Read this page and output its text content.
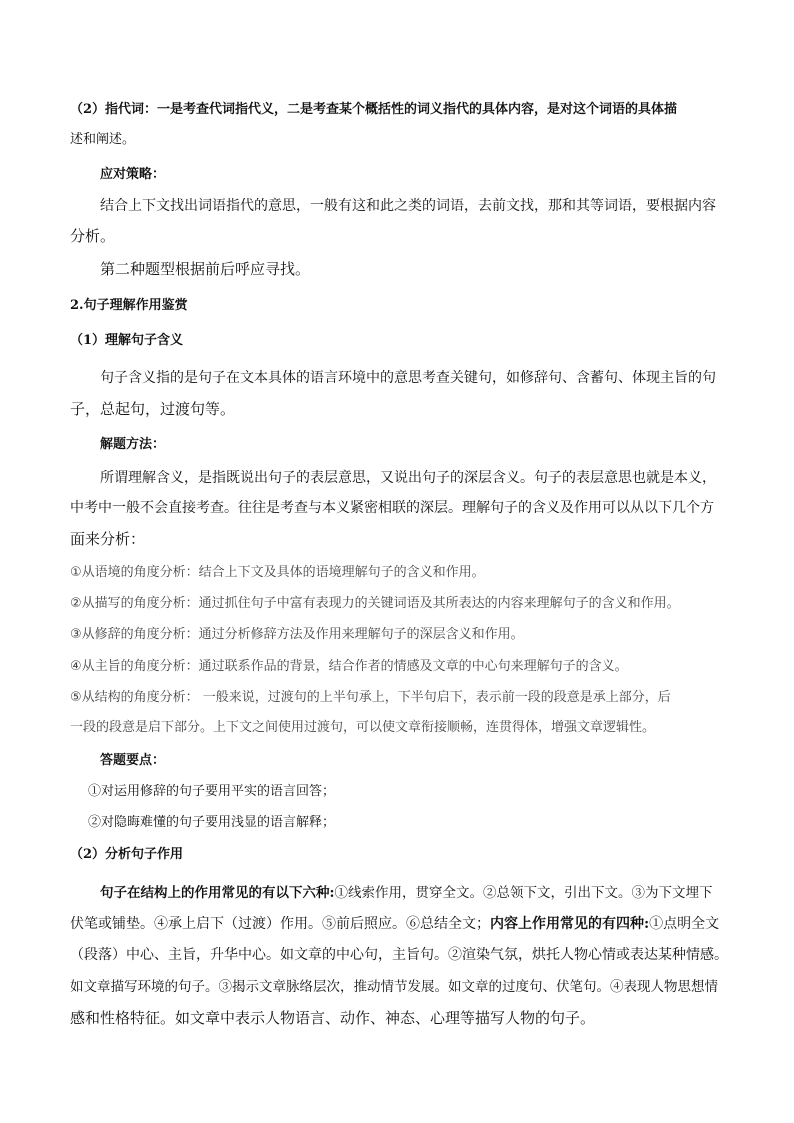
（2）指代词：一是考查代词指代义，二是考查某个概括性的词义指代的具体内容，是对这个词语的具体描
述和阐述。
应对策略：
结合上下文找出词语指代的意思，一般有这和此之类的词语，去前文找，那和其等词语，要根据内容
分析。
第二种题型根据前后呼应寻找。
2.句子理解作用鉴赏
（1）理解句子含义
句子含义指的是句子在文本具体的语言环境中的意思考查关键句，如修辞句、含蓄句、体现主旨的句
子，总起句，过渡句等。
解题方法：
所谓理解含义，是指既说出句子的表层意思，又说出句子的深层含义。句子的表层意思也就是本义，
中考中一般不会直接考查。往往是考查与本义紧密相联的深层。理解句子的含义及作用可以从以下几个方
面来分析：
①从语境的角度分析：结合上下文及具体的语境理解句子的含义和作用。
②从描写的角度分析：通过抓住句子中富有表现力的关键词语及其所表达的内容来理解句子的含义和作用。
③从修辞的角度分析：通过分析修辞方法及作用来理解句子的深层含义和作用。
④从主旨的角度分析：通过联系作品的背景，结合作者的情感及文章的中心句来理解句子的含义。
⑤从结构的角度分析： 一般来说，过渡句的上半句承上，下半句启下，表示前一段的段意是承上部分，后
一段的段意是启下部分。上下文之间使用过渡句，可以使文章衔接顺畅，连贯得体，增强文章逻辑性。
答题要点：
①对运用修辞的句子要用平实的语言回答；
②对隐晦难懂的句子要用浅显的语言解释；
（2）分析句子作用
句子在结构上的作用常见的有以下六种:①线索作用，贯穿全文。②总领下文，引出下文。③为下文埋下
伏笔或铺垫。④承上启下（过渡）作用。⑤前后照应。⑥总结全文；内容上作用常见的有四种:①点明全文
（段落）中心、主旨，升华中心。如文章的中心句，主旨句。②渲染气氛，烘托人物心情或表达某种情感。
如文章描写环境的句子。③揭示文章脉络层次，推动情节发展。如文章的过度句、伏笔句。④表现人物思想情
感和性格特征。如文章中表示人物语言、动作、神态、心理等描写人物的句子。
